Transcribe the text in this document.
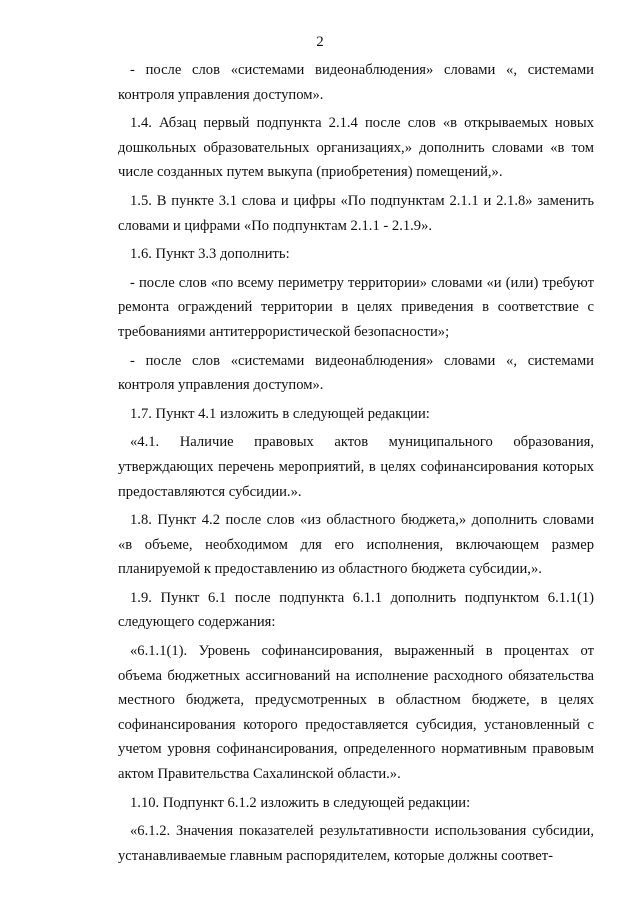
2

- после слов «системами видеонаблюдения» словами «, системами контроля управления доступом».

1.4. Абзац первый подпункта 2.1.4 после слов «в открываемых новых дошкольных образовательных организациях,» дополнить словами «в том числе созданных путем выкупа (приобретения) помещений,».

1.5. В пункте 3.1 слова и цифры «По подпунктам 2.1.1 и 2.1.8» заменить словами и цифрами «По подпунктам 2.1.1 - 2.1.9».

1.6. Пункт 3.3 дополнить:

- после слов «по всему периметру территории» словами «и (или) требуют ремонта ограждений территории в целях приведения в соответствие с требованиями антитеррористической безопасности»;

- после слов «системами видеонаблюдения» словами «, системами контроля управления доступом».

1.7. Пункт 4.1 изложить в следующей редакции:

«4.1. Наличие правовых актов муниципального образования, утверждающих перечень мероприятий, в целях софинансирования которых предоставляются субсидии.».

1.8. Пункт 4.2 после слов «из областного бюджета,» дополнить словами «в объеме, необходимом для его исполнения, включающем размер планируемой к предоставлению из областного бюджета субсидии,».

1.9. Пункт 6.1 после подпункта 6.1.1 дополнить подпунктом 6.1.1(1) следующего содержания:

«6.1.1(1). Уровень софинансирования, выраженный в процентах от объема бюджетных ассигнований на исполнение расходного обязательства местного бюджета, предусмотренных в областном бюджете, в целях софинансирования которого предоставляется субсидия, установленный с учетом уровня софинансирования, определенного нормативным правовым актом Правительства Сахалинской области.».

1.10. Подпункт 6.1.2 изложить в следующей редакции:

«6.1.2. Значения показателей результативности использования субсидии, устанавливаемые главным распорядителем, которые должны соответ-
